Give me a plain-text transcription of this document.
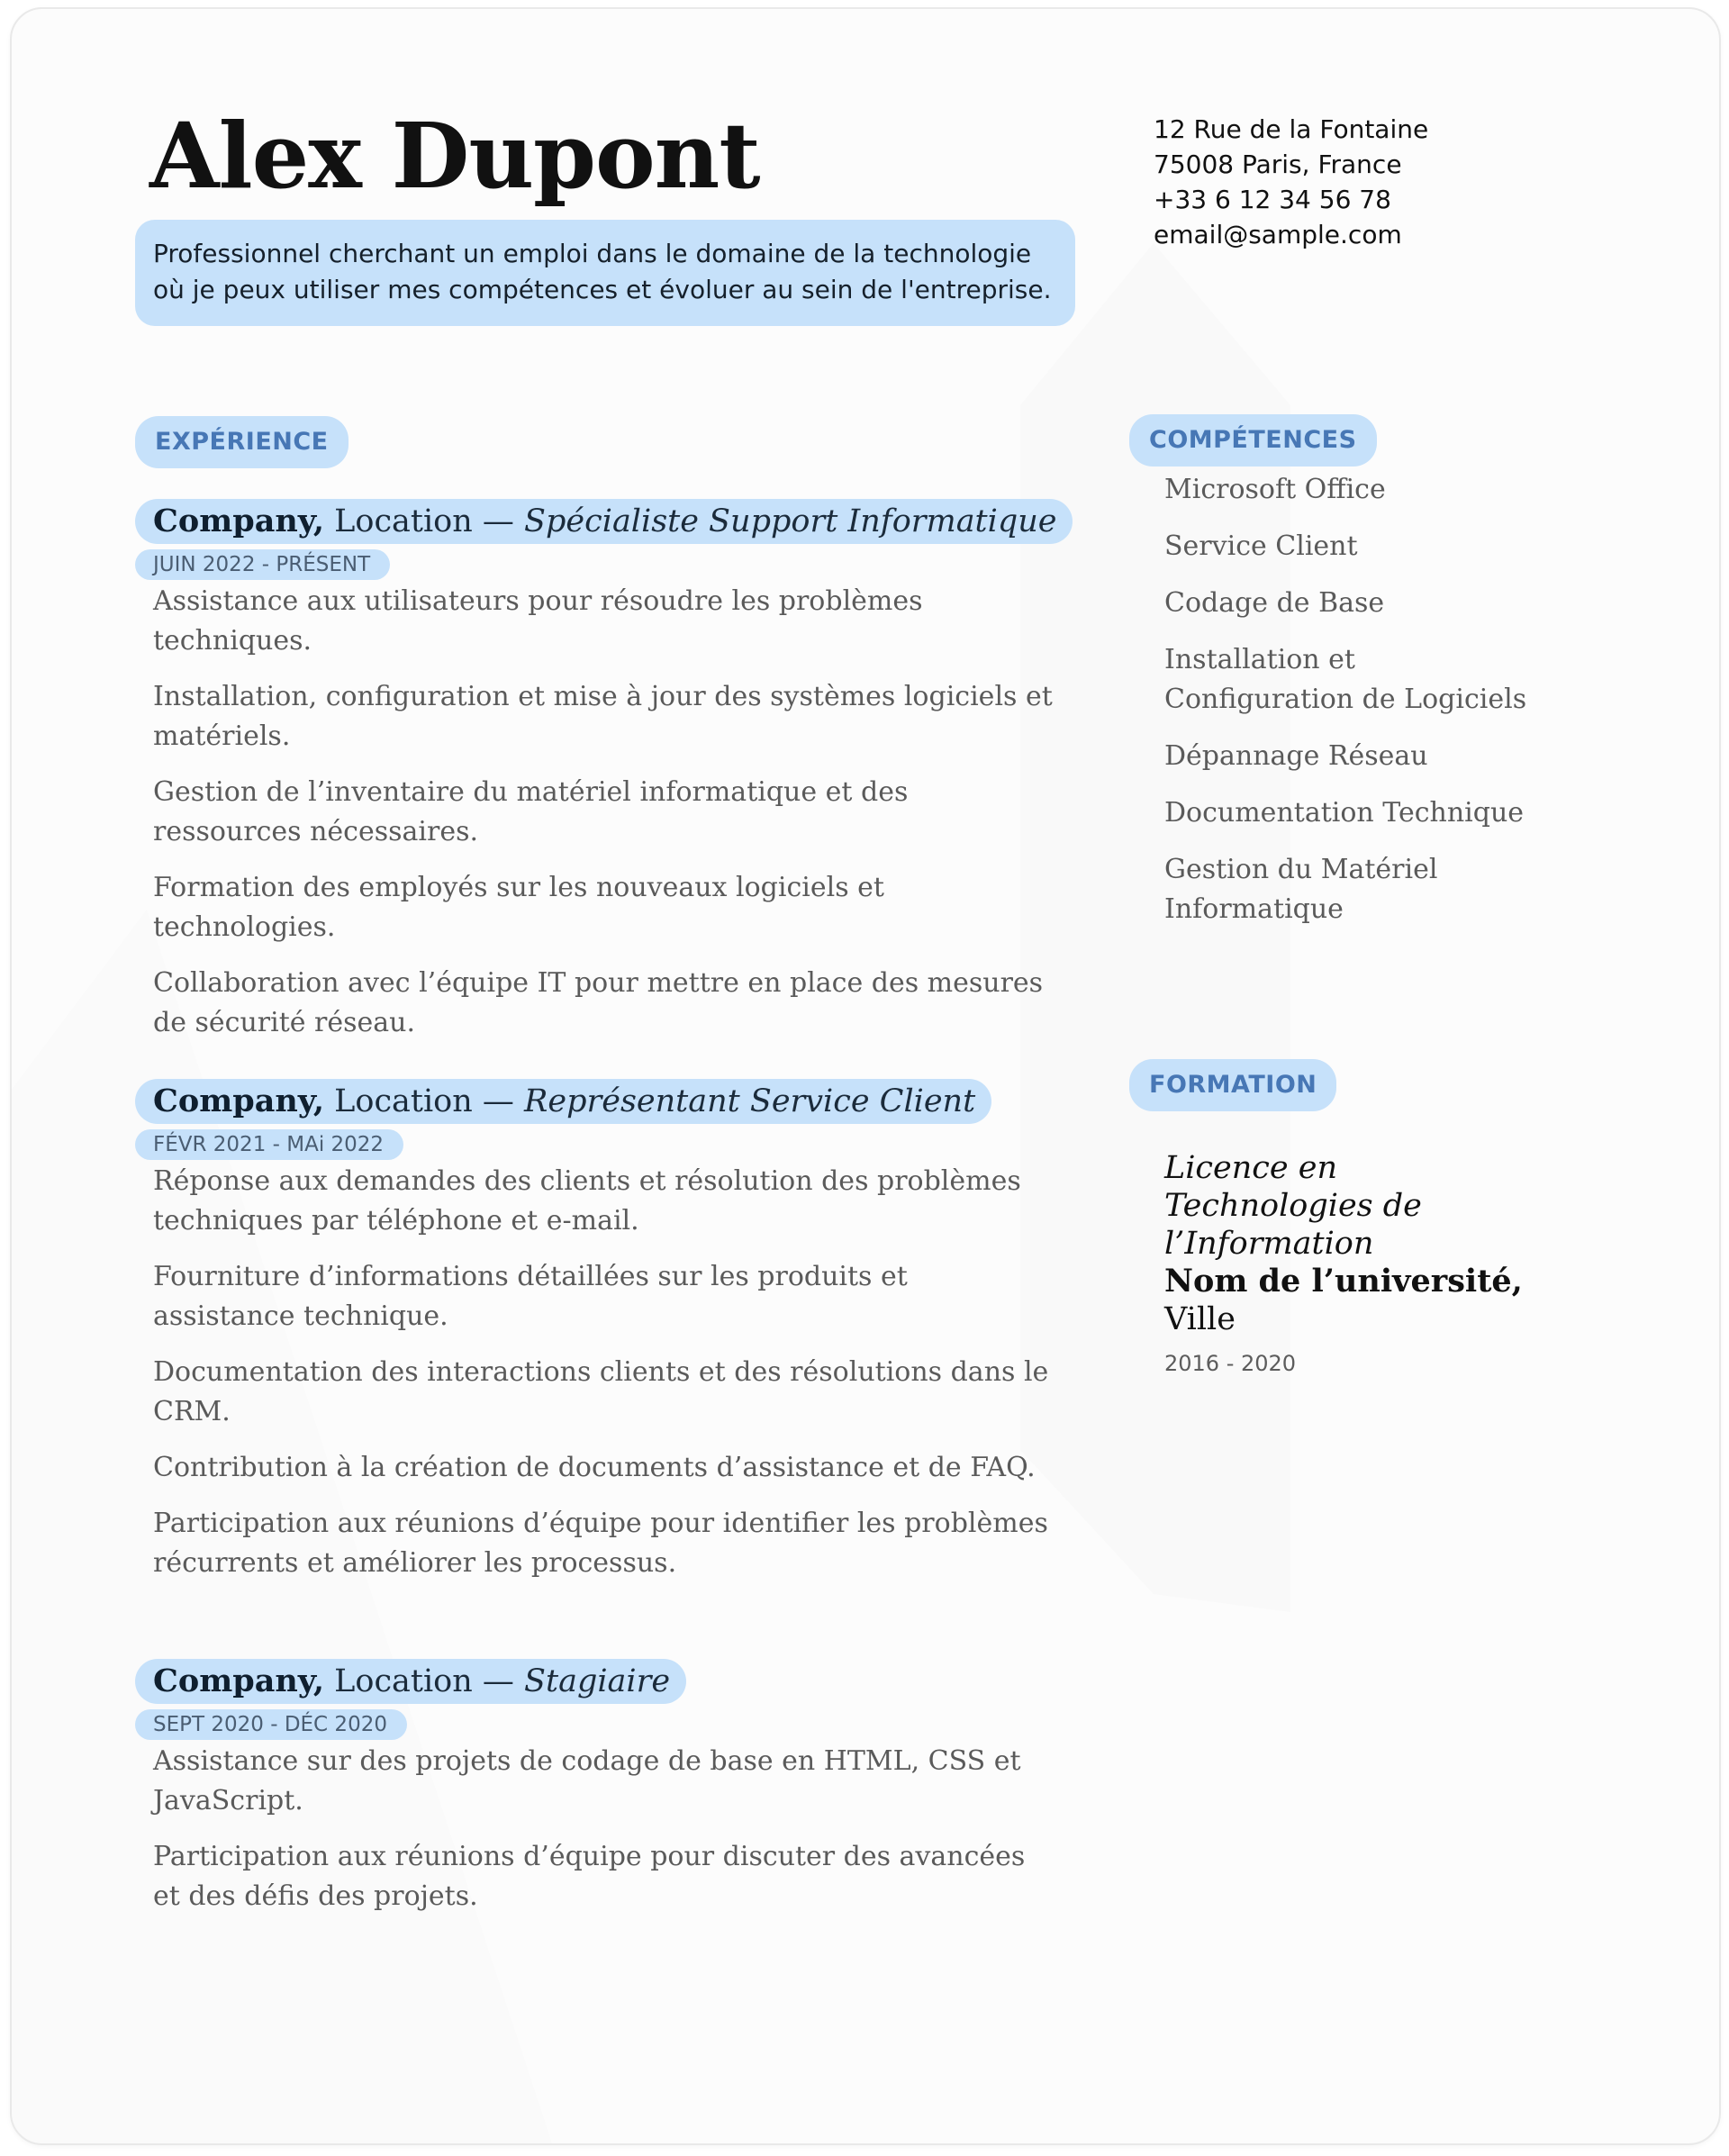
Alex Dupont
Professionnel cherchant un emploi dans le domaine de la technologie où je peux utiliser mes compétences et évoluer au sein de l'entreprise.
12 Rue de la Fontaine
75008 Paris, France
+33 6 12 34 56 78
email@sample.com
EXPÉRIENCE	COMPÉTENCES
FORMATION
Company, Location — Spécialiste Support Informatique
JUIN 2022 - PRÉSENT
Assistance aux utilisateurs pour résoudre les problèmes techniques.
Installation, configuration et mise à jour des systèmes logiciels et matériels.
Gestion de l’inventaire du matériel informatique et des ressources nécessaires.
Formation des employés sur les nouveaux logiciels et technologies.
Collaboration avec l’équipe IT pour mettre en place des mesures de sécurité réseau.
Company, Location — Représentant Service Client
FÉVR 2021 - MAi 2022
Réponse aux demandes des clients et résolution des problèmes techniques par téléphone et e-mail.
Fourniture d’informations détaillées sur les produits et assistance technique.
Documentation des interactions clients et des résolutions dans le CRM.
Contribution à la création de documents d’assistance et de FAQ.
Participation aux réunions d’équipe pour identifier les problèmes récurrents et améliorer les processus.
Company, Location — Stagiaire
SEPT 2020 - DÉC 2020
Assistance sur des projets de codage de base en HTML, CSS et JavaScript.
Participation aux réunions d’équipe pour discuter des avancées et des défis des projets.
Microsoft Office
Service Client
Codage de Base
Installation et Configuration de Logiciels
Dépannage Réseau
Documentation Technique
Gestion du Matériel Informatique
Licence en Technologies de l’Information
Nom de l’université,
Ville
2016 - 2020
